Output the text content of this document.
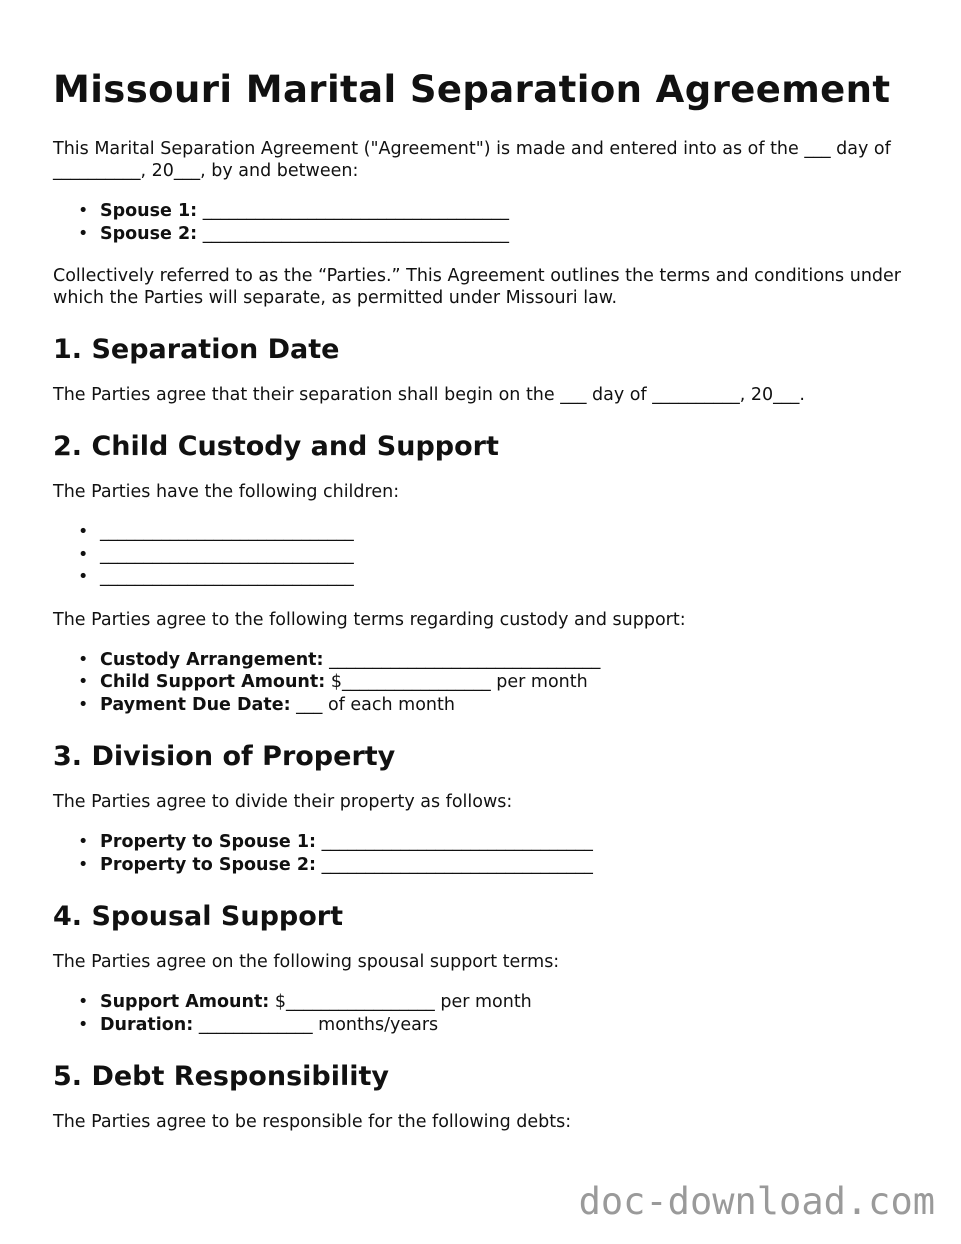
Missouri Marital Separation Agreement

This Marital Separation Agreement ("Agreement") is made and entered into as of the ___ day of __________, 20___, by and between:

• Spouse 1: ___________________________________
• Spouse 2: ___________________________________

Collectively referred to as the “Parties.” This Agreement outlines the terms and conditions under which the Parties will separate, as permitted under Missouri law.

1. Separation Date

The Parties agree that their separation shall begin on the ___ day of __________, 20___.

2. Child Custody and Support

The Parties have the following children:

• _____________________________
• _____________________________
• _____________________________

The Parties agree to the following terms regarding custody and support:

• Custody Arrangement: _______________________________
• Child Support Amount: $_________________ per month
• Payment Due Date: ___ of each month
3. Division of Property

The Parties agree to divide their property as follows:

• Property to Spouse 1: _______________________________
• Property to Spouse 2: _______________________________
4. Spousal Support

The Parties agree on the following spousal support terms:

• Support Amount: $_________________ per month
• Duration: _____________ months/years
5. Debt Responsibility

The Parties agree to be responsible for the following debts:

doc-download.com
